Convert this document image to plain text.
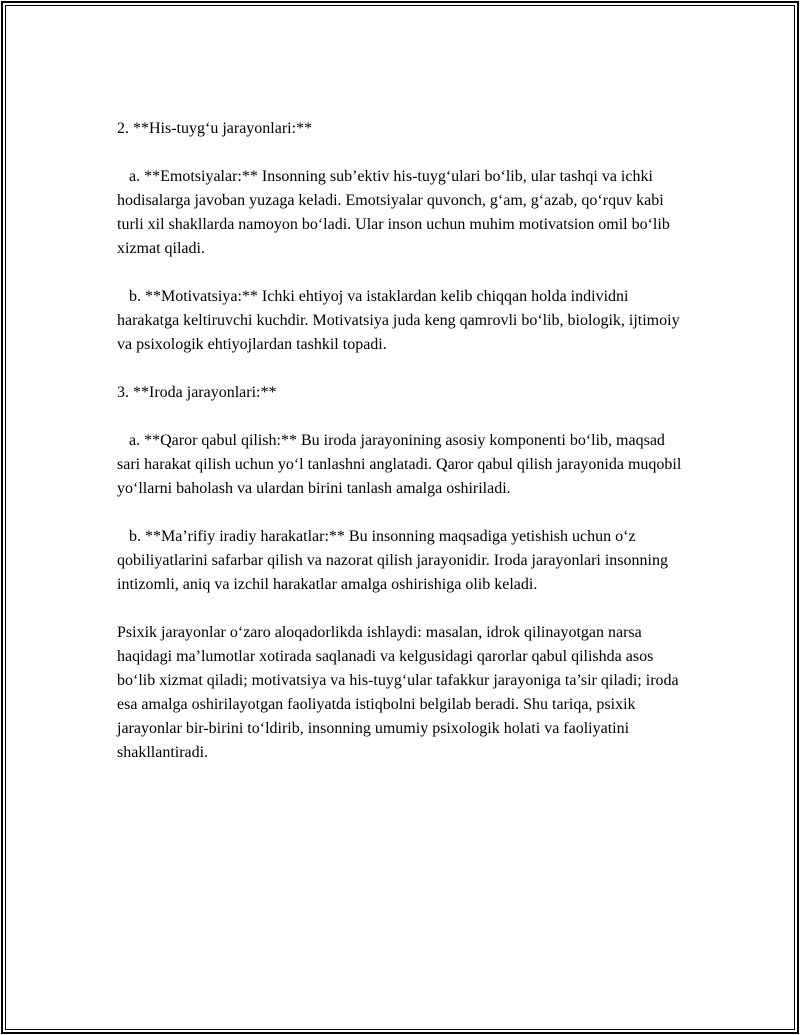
2. **His-tuyg‘u jarayonlari:**

a. **Emotsiyalar:** Insonning sub’ektiv his-tuyg‘ulari bo‘lib, ular tashqi va ichki hodisalarga javoban yuzaga keladi. Emotsiyalar quvonch, g‘am, g‘azab, qo‘rquv kabi turli xil shakllarda namoyon bo‘ladi. Ular inson uchun muhim motivatsion omil bo‘lib xizmat qiladi.

b. **Motivatsiya:** Ichki ehtiyoj va istaklardan kelib chiqqan holda individni harakatga keltiruvchi kuchdir. Motivatsiya juda keng qamrovli bo‘lib, biologik, ijtimoiy va psixologik ehtiyojlardan tashkil topadi.

3. **Iroda jarayonlari:**

a. **Qaror qabul qilish:** Bu iroda jarayonining asosiy komponenti bo‘lib, maqsad sari harakat qilish uchun yo‘l tanlashni anglatadi. Qaror qabul qilish jarayonida muqobil yo‘llarni baholash va ulardan birini tanlash amalga oshiriladi.

b. **Ma’rifiy iradiy harakatlar:** Bu insonning maqsadiga yetishish uchun o‘z qobiliyatlarini safarbar qilish va nazorat qilish jarayonidir. Iroda jarayonlari insonning intizomli, aniq va izchil harakatlar amalga oshirishiga olib keladi.

Psixik jarayonlar o‘zaro aloqadorlikda ishlaydi: masalan, idrok qilinayotgan narsa haqidagi ma’lumotlar xotirada saqlanadi va kelgusidagi qarorlar qabul qilishda asos bo‘lib xizmat qiladi; motivatsiya va his-tuyg‘ular tafakkur jarayoniga ta’sir qiladi; iroda esa amalga oshirilayotgan faoliyatda istiqbolni belgilab beradi. Shu tariqa, psixik jarayonlar bir-birini to‘ldirib, insonning umumiy psixologik holati va faoliyatini shakllantiradi.
